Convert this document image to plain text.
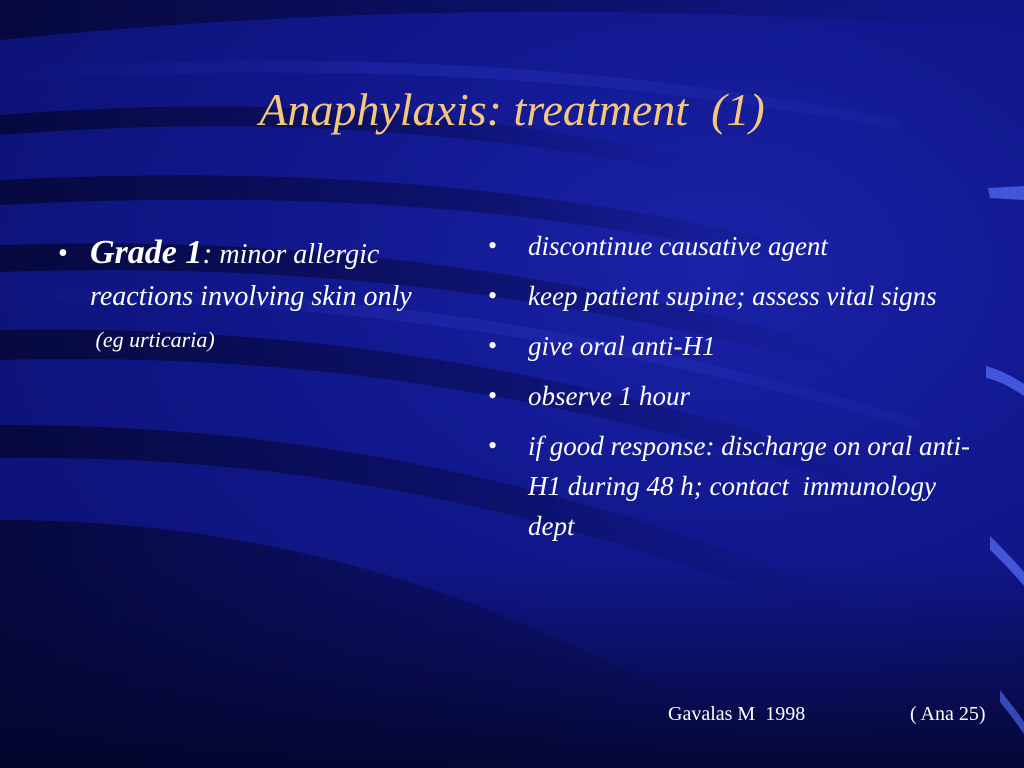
Anaphylaxis: treatment  (1)
• Grade 1: minor allergic reactions involving skin only  (eg urticaria)
•	discontinue causative agent
•	keep patient supine; assess vital signs
•	give oral anti-H1
•	observe 1 hour
•	if good response: discharge on oral anti-H1 during 48 h; contact  immunology dept
Gavalas M  1998	( Ana 25)
